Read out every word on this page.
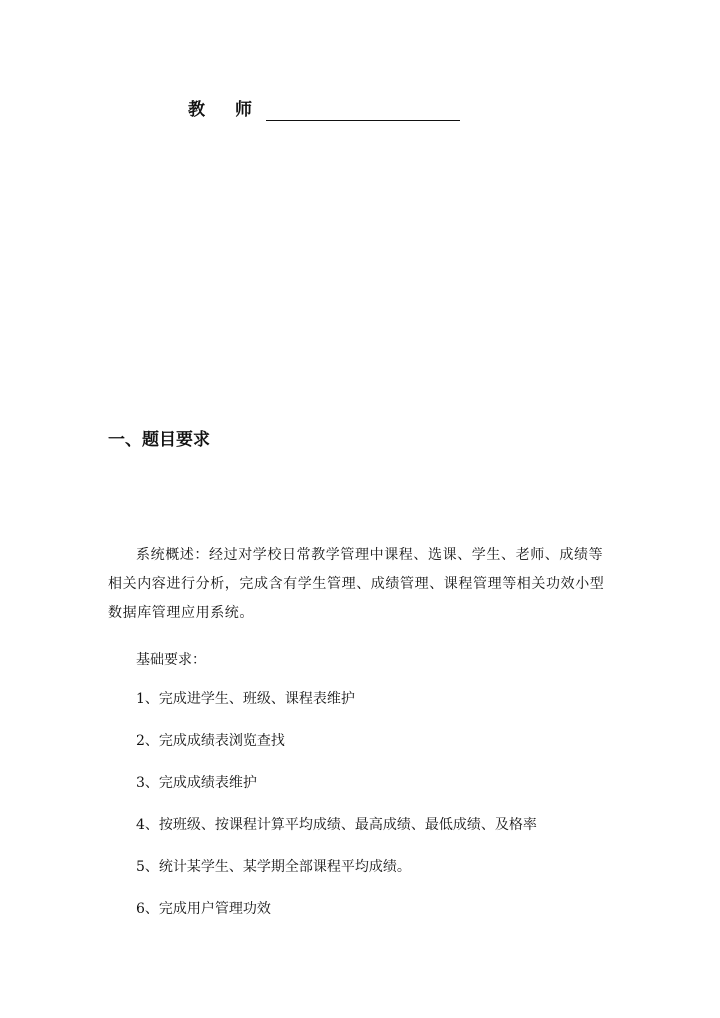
教 师
一、题目要求
系统概述：经过对学校日常教学管理中课程、选课、学生、老师、成绩等相关内容进行分析，完成含有学生管理、成绩管理、课程管理等相关功效小型数据库管理应用系统。
基础要求：
1、完成进学生、班级、课程表维护
2、完成成绩表浏览查找
3、完成成绩表维护
4、按班级、按课程计算平均成绩、最高成绩、最低成绩、及格率
5、统计某学生、某学期全部课程平均成绩。
6、完成用户管理功效
